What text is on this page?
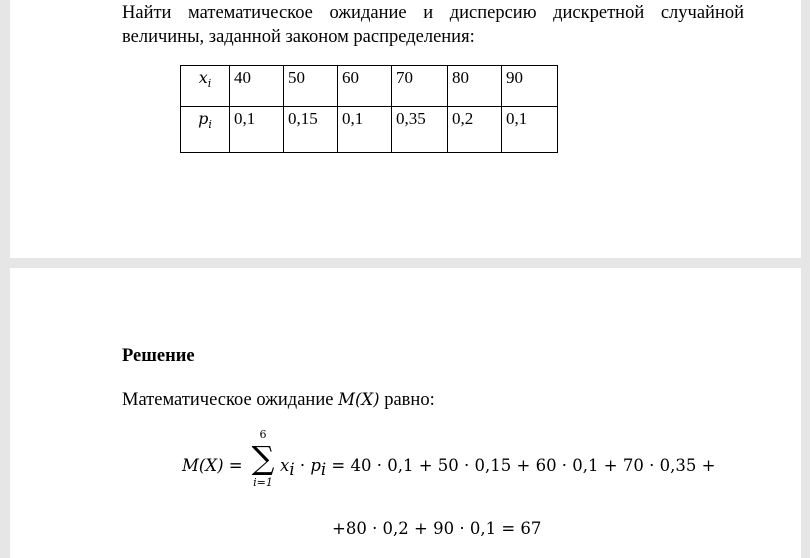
Найти математическое ожидание и дисперсию дискретной случайной
величины, заданной законом распределения:
$x_i$	40	50	60	70	80	90
$p_i$	0,1	0,15	0,1	0,35	0,2	0,1
Решение
Математическое ожидание M(X) равно:
M(X) =
6
∑
i=1
xi · pi = 40 · 0,1 + 50 · 0,15 + 60 · 0,1 + 70 · 0,35 +
+80 · 0,2 + 90 · 0,1 = 67
